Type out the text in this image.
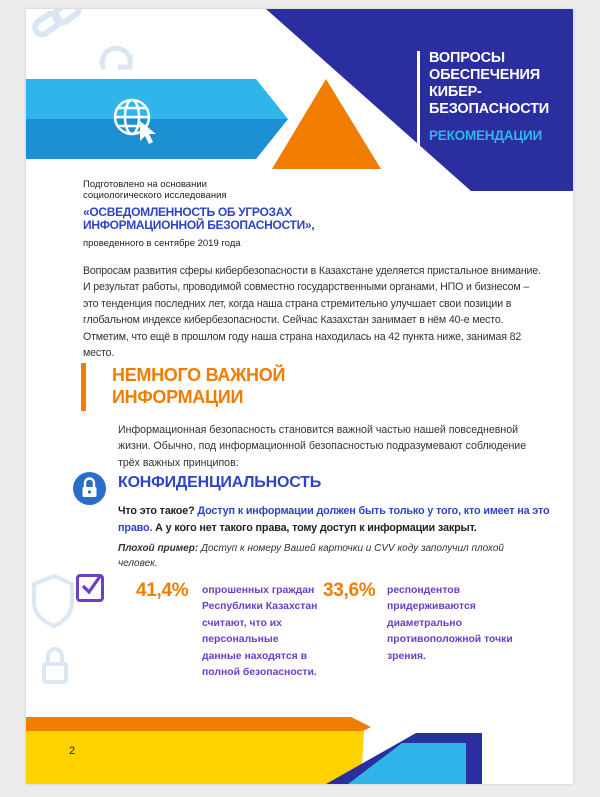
ВОПРОСЫ
ОБЕСПЕЧЕНИЯ
КИБЕР-
БЕЗОПАСНОСТИ
РЕКОМЕНДАЦИИ
Подготовлено на основании
социологического исследования
«ОСВЕДОМЛЕННОСТЬ ОБ УГРОЗАХ
ИНФОРМАЦИОННОЙ БЕЗОПАСНОСТИ»,
проведенного в сентябре 2019 года
Вопросам развития сферы кибербезопасности в Казахстане уделяется пристальное внимание. И результат работы, проводимой совместно государственными органами, НПО и бизнесом – это тенденция последних лет, когда наша страна стремительно улучшает свои позиции в глобальном индексе кибербезопасности. Сейчас Казахстан занимает в нём 40-е место. Отметим, что ещё в прошлом году наша страна находилась на 42 пункта ниже, занимая 82 место.
НЕМНОГО ВАЖНОЙ
ИНФОРМАЦИИ
Информационная безопасность становится важной частью нашей повседневной жизни. Обычно, под информационной безопасностью подразумевают соблюдение трёх важных принципов:
КОНФИДЕНЦИАЛЬНОСТЬ
Что это такое? Доступ к информации должен быть только у того, кто имеет на это право. А у кого нет такого права, тому доступ к информации закрыт.
Плохой пример: Доступ к номеру Вашей карточки и CVV коду заполучил плохой человек.
41,4% опрошенных граждан Республики Казахстан считают, что их персональные данные находятся в полной безопасности.
33,6% респондентов придерживаются диаметрально противоположной точки зрения.
2
